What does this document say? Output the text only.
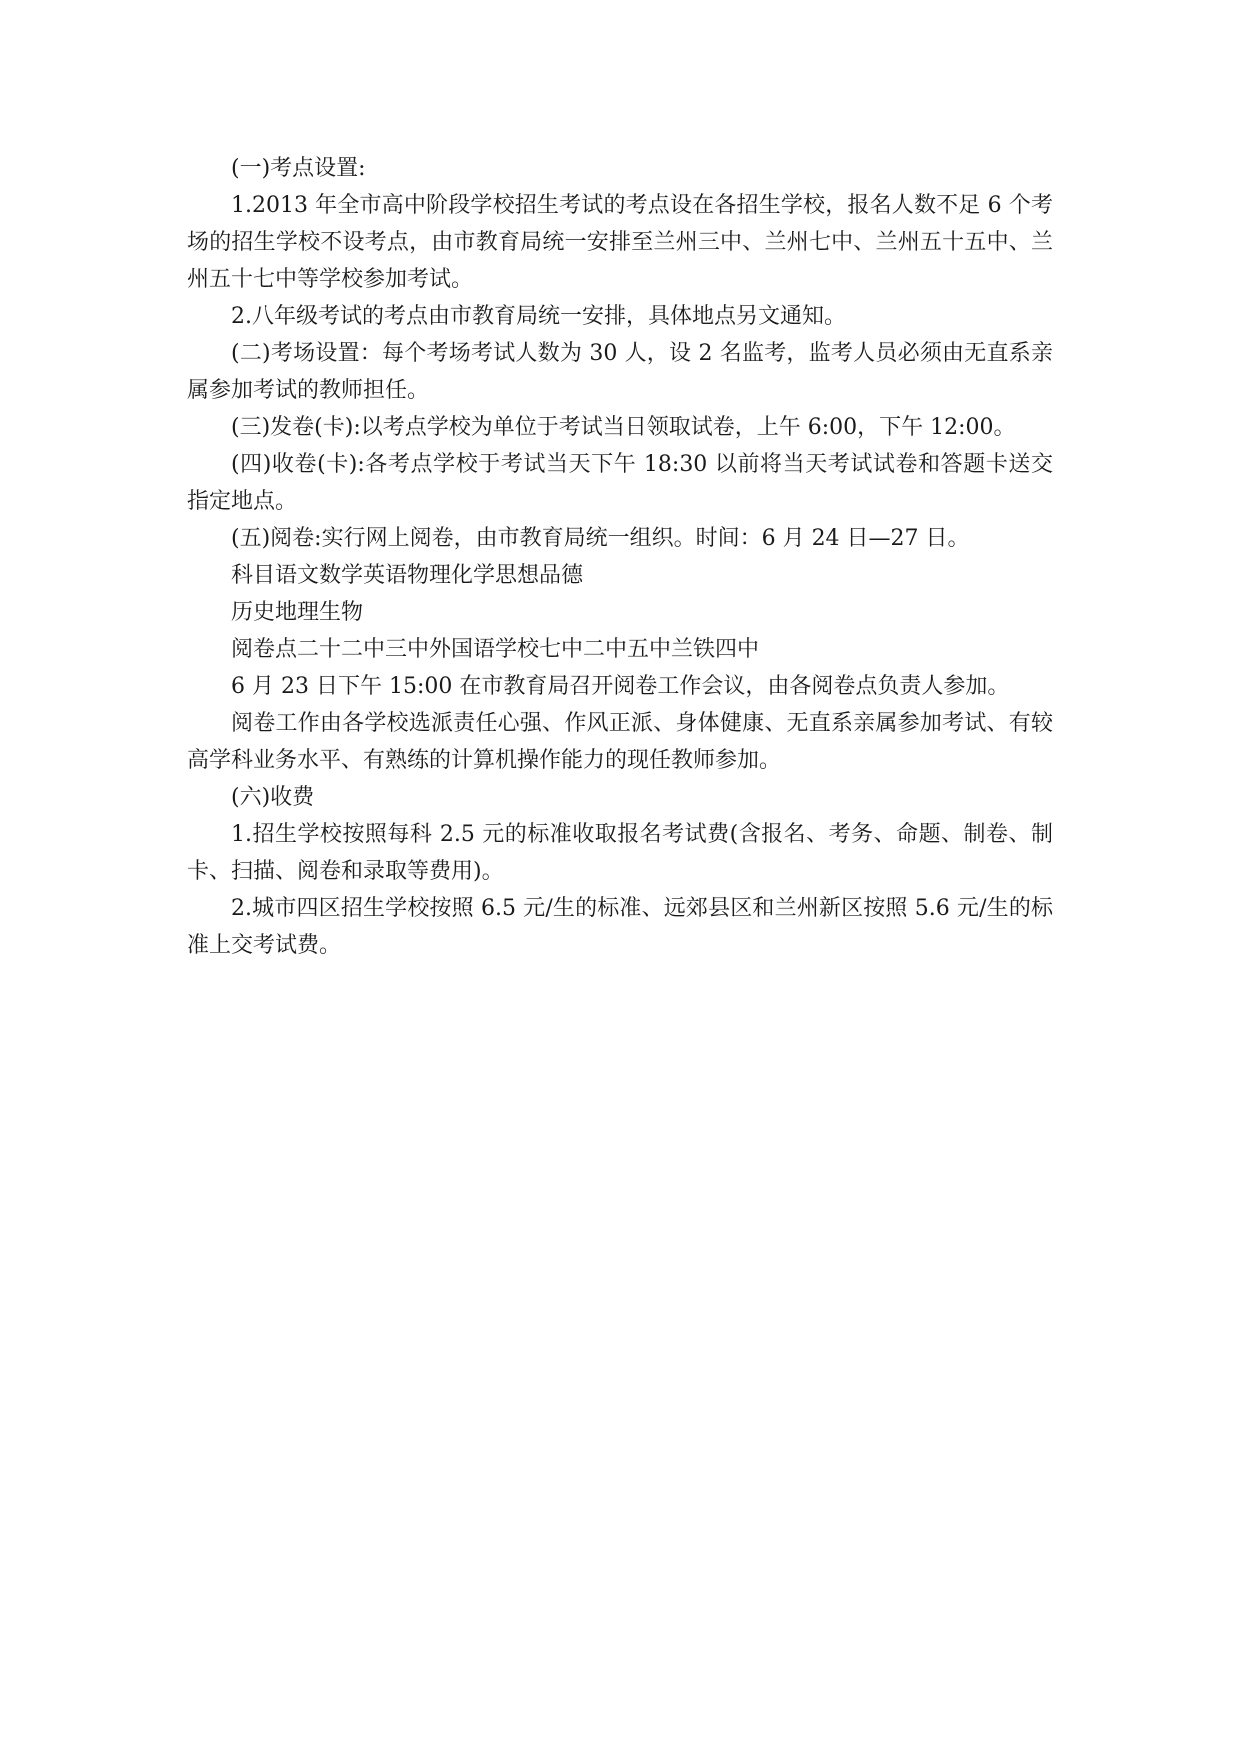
(一)考点设置:

1.2013 年全市高中阶段学校招生考试的考点设在各招生学校，报名人数不足 6 个考场的招生学校不设考点，由市教育局统一安排至兰州三中、兰州七中、兰州五十五中、兰州五十七中等学校参加考试。

2.八年级考试的考点由市教育局统一安排，具体地点另文通知。

(二)考场设置：每个考场考试人数为 30 人，设 2 名监考，监考人员必须由无直系亲属参加考试的教师担任。

(三)发卷(卡):以考点学校为单位于考试当日领取试卷，上午 6:00，下午 12:00。

(四)收卷(卡):各考点学校于考试当天下午 18:30 以前将当天考试试卷和答题卡送交指定地点。

(五)阅卷:实行网上阅卷，由市教育局统一组织。时间：6 月 24 日—27 日。

科目语文数学英语物理化学思想品德

历史地理生物

阅卷点二十二中三中外国语学校七中二中五中兰铁四中

6 月 23 日下午 15:00 在市教育局召开阅卷工作会议，由各阅卷点负责人参加。

阅卷工作由各学校选派责任心强、作风正派、身体健康、无直系亲属参加考试、有较高学科业务水平、有熟练的计算机操作能力的现任教师参加。

(六)收费

1.招生学校按照每科 2.5 元的标准收取报名考试费(含报名、考务、命题、制卷、制卡、扫描、阅卷和录取等费用)。

2.城市四区招生学校按照 6.5 元/生的标准、远郊县区和兰州新区按照 5.6 元/生的标准上交考试费。
